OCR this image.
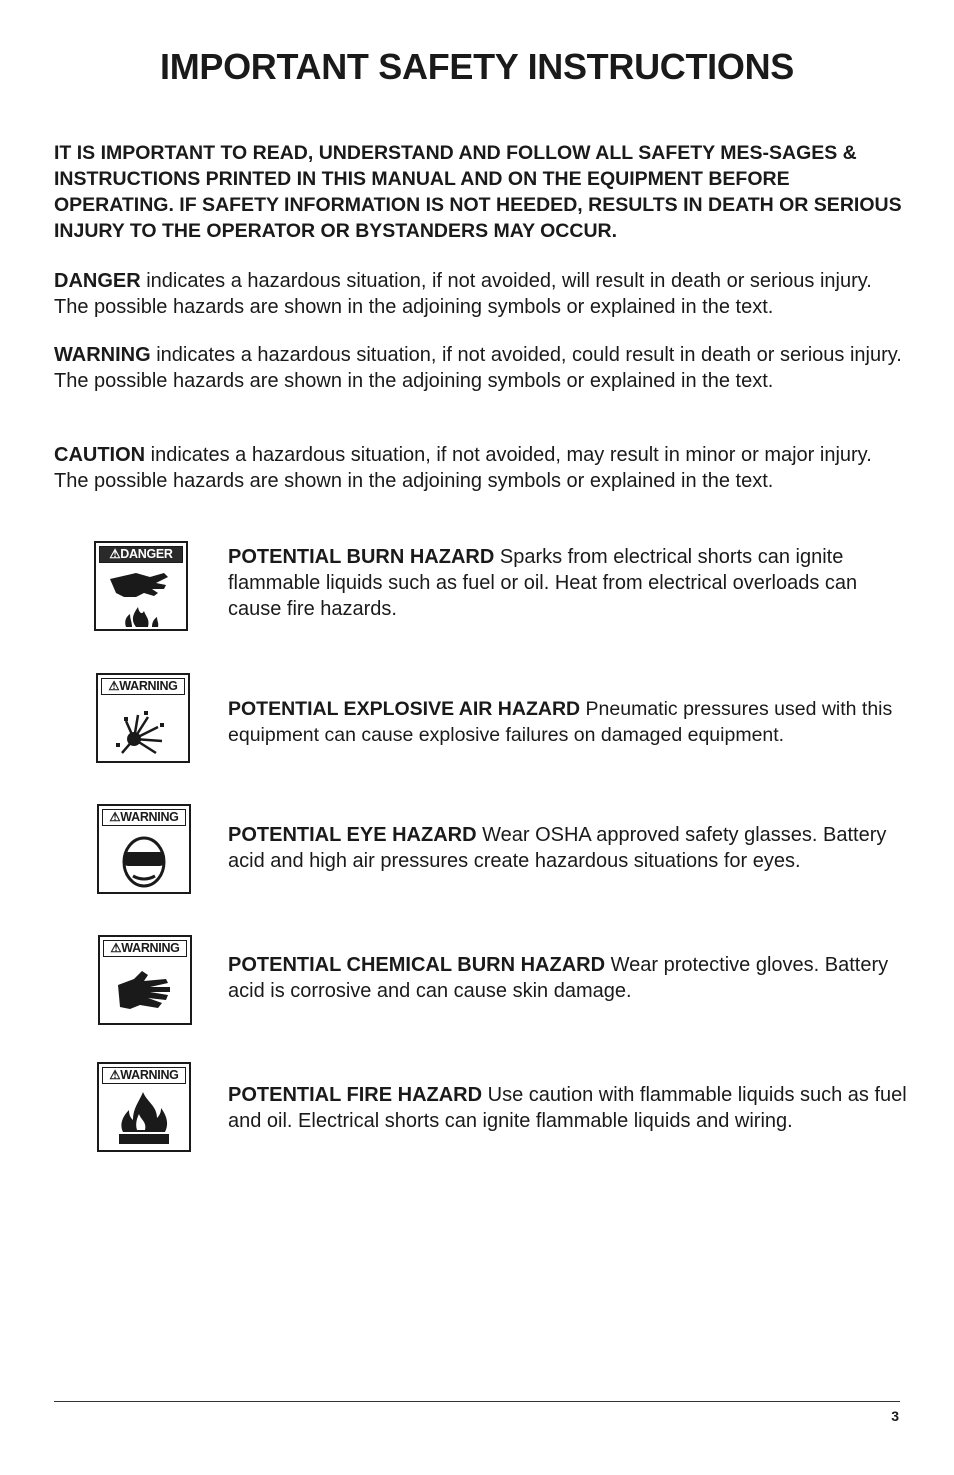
IMPORTANT SAFETY INSTRUCTIONS

IT IS IMPORTANT TO READ, UNDERSTAND AND FOLLOW ALL SAFETY MES-SAGES & INSTRUCTIONS PRINTED IN THIS MANUAL AND ON THE EQUIPMENT BEFORE OPERATING. IF SAFETY INFORMATION IS NOT HEEDED, RESULTS IN DEATH OR SERIOUS INJURY TO THE OPERATOR OR BYSTANDERS MAY OCCUR.

DANGER indicates a hazardous situation, if not avoided, will result in death or serious injury. The possible hazards are shown in the adjoining symbols or explained in the text.

WARNING indicates a hazardous situation, if not avoided, could result in death or serious injury. The possible hazards are shown in the adjoining symbols or explained in the text.

CAUTION indicates a hazardous situation, if not avoided, may result in minor or major injury. The possible hazards are shown in the adjoining symbols or explained in the text.

⚠DANGER	POTENTIAL BURN HAZARD Sparks from electrical shorts can ignite flammable liquids such as fuel or oil. Heat from electrical overloads can cause fire hazards.

⚠WARNING

POTENTIAL EXPLOSIVE AIR HAZARD Pneumatic pressures used with this equipment can cause explosive failures on damaged equipment.

⚠WARNING

POTENTIAL EYE HAZARD Wear OSHA approved safety glasses. Battery acid and high air pressures create hazardous situations for eyes.

⚠WARNING

POTENTIAL CHEMICAL BURN HAZARD Wear protective gloves. Battery acid is corrosive and can cause skin damage.

⚠WARNING

POTENTIAL FIRE HAZARD Use caution with flammable liquids such as fuel and oil. Electrical shorts can ignite flammable liquids and wiring.

3
